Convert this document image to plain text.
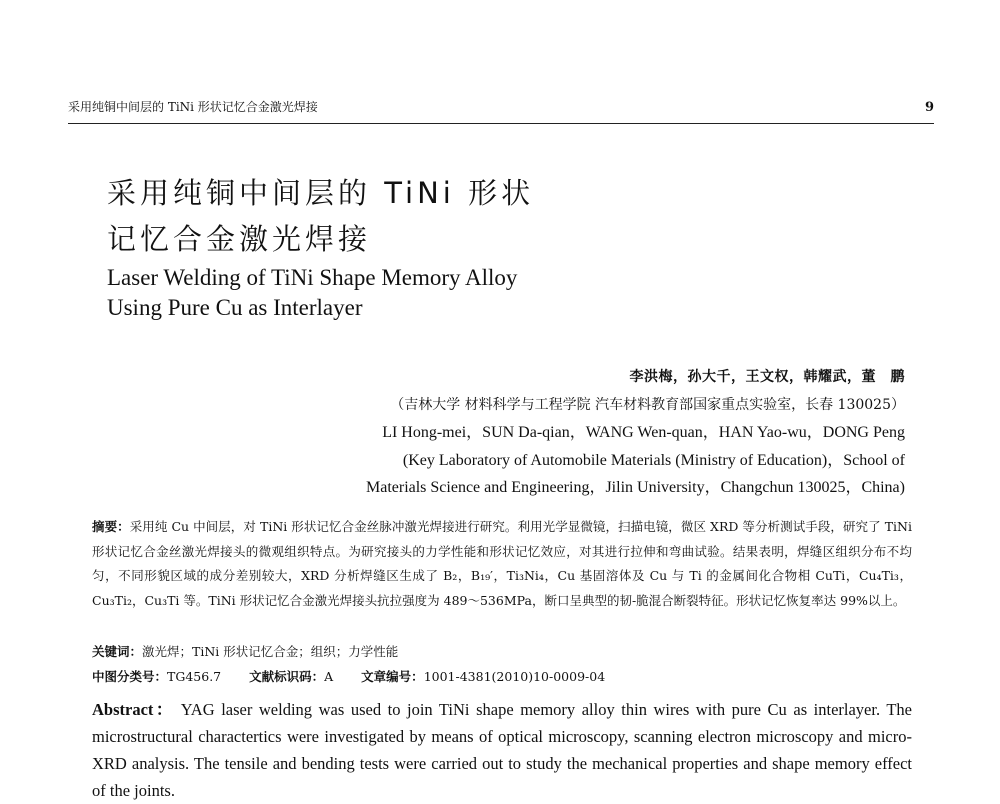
采用纯铜中间层的 TiNi 形状记忆合金激光焊接	9
采用纯铜中间层的 TiNi 形状
记忆合金激光焊接
Laser Welding of TiNi Shape Memory Alloy
Using Pure Cu as Interlayer
李洪梅，孙大千，王文权，韩耀武，董　鹏
（吉林大学 材料科学与工程学院 汽车材料教育部国家重点实验室，长春 130025）
LI Hong-mei，SUN Da-qian，WANG Wen-quan，HAN Yao-wu，DONG Peng
(Key Laboratory of Automobile Materials (Ministry of Education)，School of
Materials Science and Engineering，Jilin University，Changchun 130025，China)
摘要：采用纯 Cu 中间层，对 TiNi 形状记忆合金丝脉冲激光焊接进行研究。利用光学显微镜，扫描电镜，微区 XRD 等分析测试手段，研究了 TiNi 形状记忆合金丝激光焊接头的微观组织特点。为研究接头的力学性能和形状记忆效应，对其进行拉伸和弯曲试验。结果表明，焊缝区组织分布不均匀，不同形貌区域的成分差别较大，XRD 分析焊缝区生成了 B₂，B₁₉′，Ti₃Ni₄，Cu 基固溶体及 Cu 与 Ti 的金属间化合物相 CuTi，Cu₄Ti₃，Cu₃Ti₂，Cu₃Ti 等。TiNi 形状记忆合金激光焊接头抗拉强度为 489～536MPa，断口呈典型的韧-脆混合断裂特征。形状记忆恢复率达 99%以上。
关键词：激光焊；TiNi 形状记忆合金；组织；力学性能
中图分类号：TG456.7 文献标识码：A 文章编号：1001-4381(2010)10-0009-04
Abstract： YAG laser welding was used to join TiNi shape memory alloy thin wires with pure Cu as interlayer. The microstructural charactertics were investigated by means of optical microscopy, scanning electron microscopy and micro-XRD analysis. The tensile and bending tests were carried out to study the mechanical properties and shape memory effect of the joints.
